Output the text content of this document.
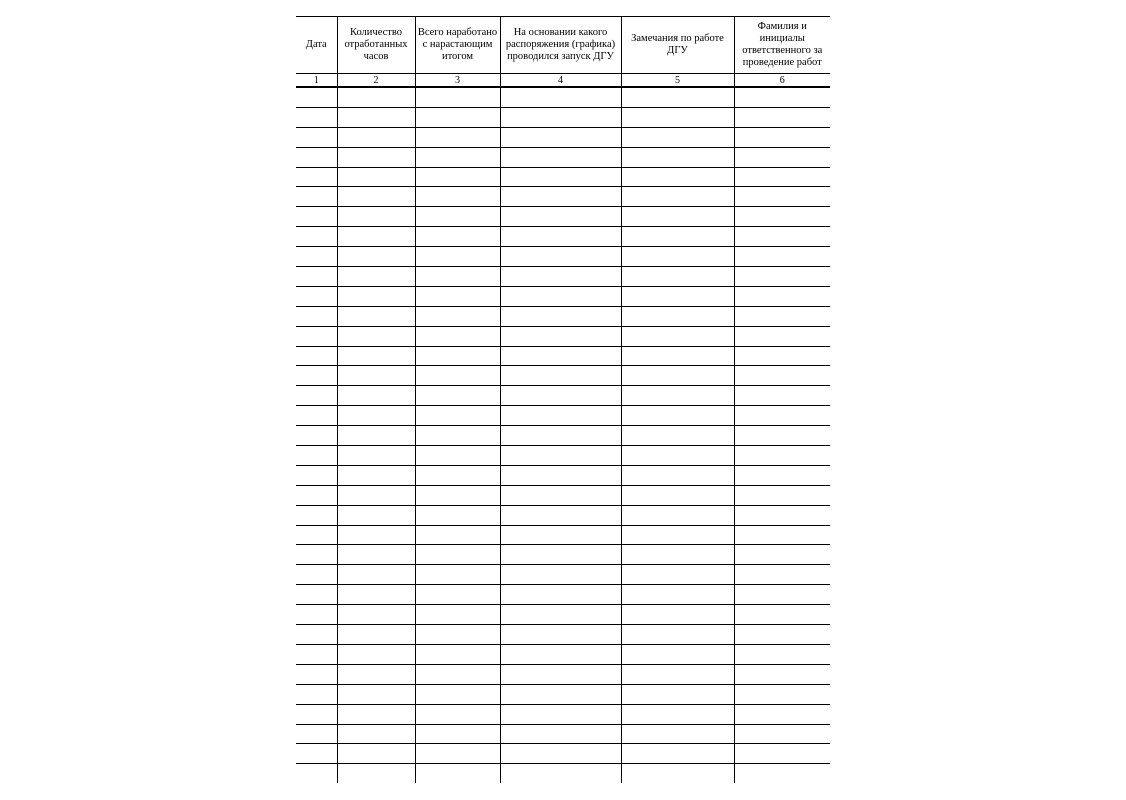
Дата	Количество отработанных часов	Всего наработано с нарастающим итогом	На основании какого распоряжения (графика) проводился запуск ДГУ	Замечания по работе ДГУ	Фамилия и инициалы ответственного за проведение работ
1	2	3	4	5	6
